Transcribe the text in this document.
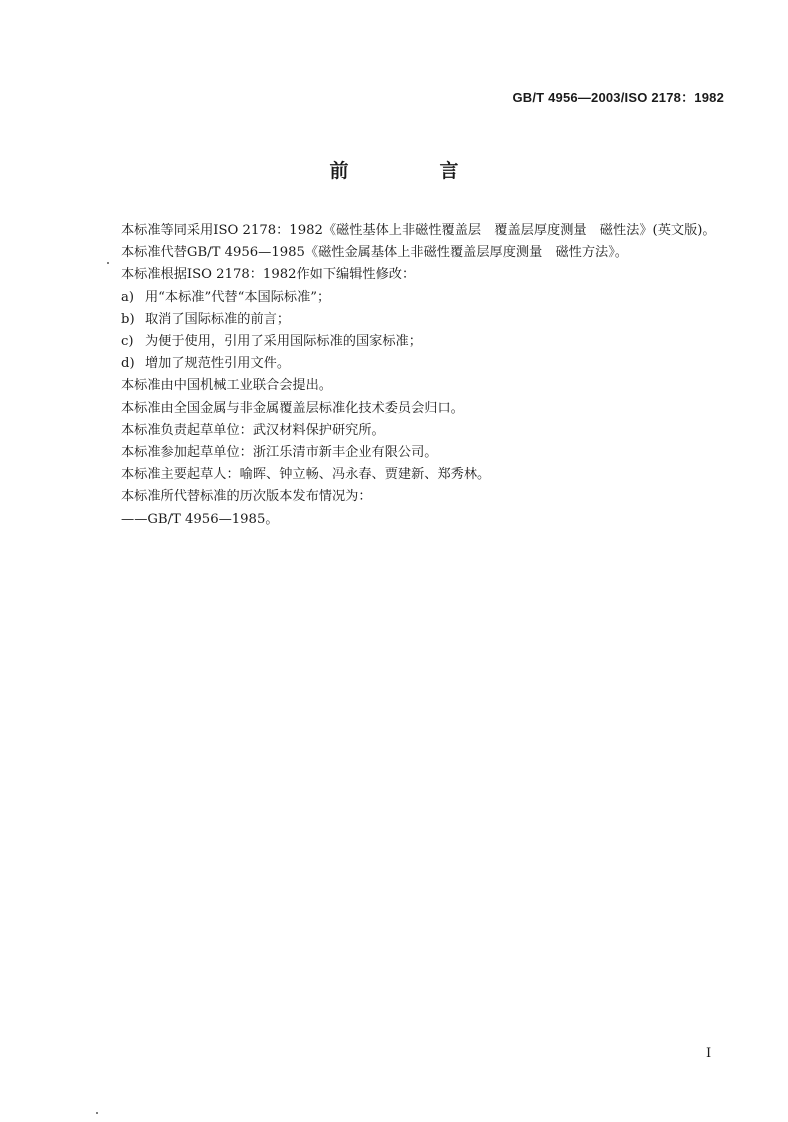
GB/T 4956—2003/ISO 2178：1982
前　言

本标准等同采用ISO 2178：1982《磁性基体上非磁性覆盖层　覆盖层厚度测量　磁性法》(英文版)。

本标准代替GB/T 4956—1985《磁性金属基体上非磁性覆盖层厚度测量　磁性方法》。

本标准根据ISO 2178：1982作如下编辑性修改：

a) 用“本标准”代替“本国际标准”；
b) 取消了国际标准的前言；
c) 为便于使用，引用了采用国际标准的国家标准；
d) 增加了规范性引用文件。

本标准由中国机械工业联合会提出。

本标准由全国金属与非金属覆盖层标准化技术委员会归口。

本标准负责起草单位：武汉材料保护研究所。

本标准参加起草单位：浙江乐清市新丰企业有限公司。

本标准主要起草人：喻晖、钟立畅、冯永春、贾建新、郑秀林。

本标准所代替标准的历次版本发布情况为：

——GB/T 4956—1985。

I
